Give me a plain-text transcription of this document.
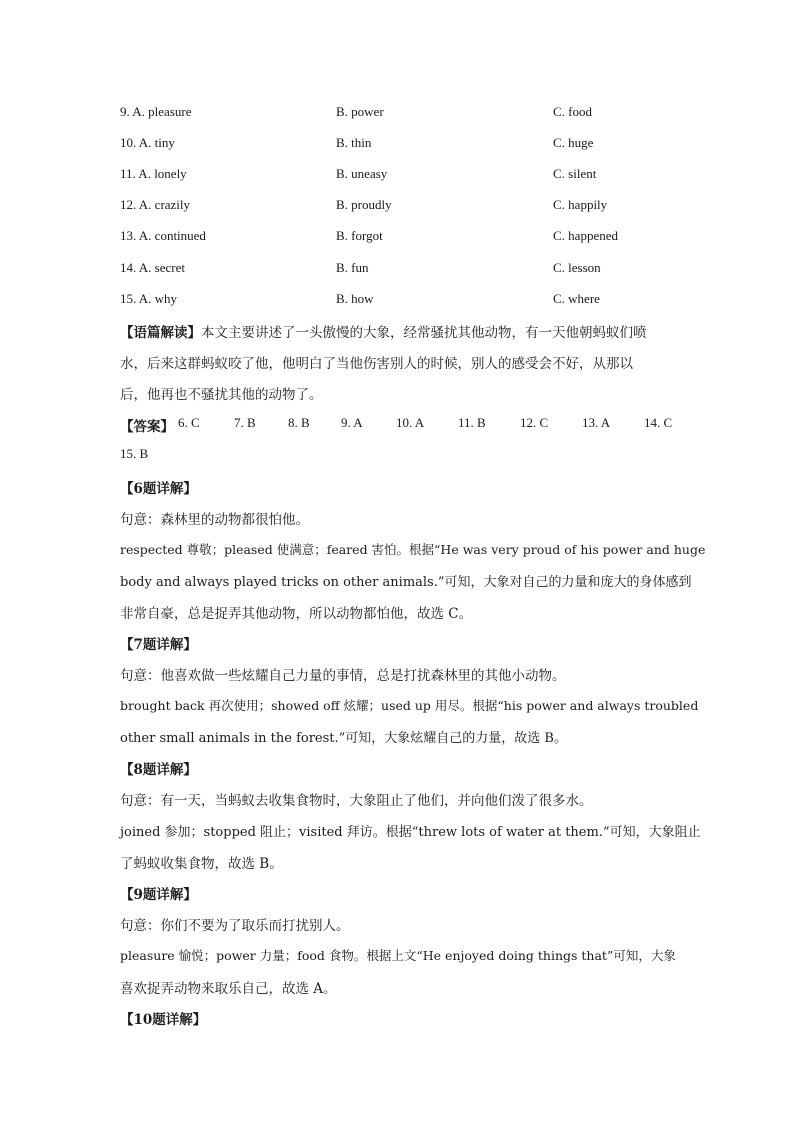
9. A. pleasure	B. power	C. food
10. A. tiny	B. thin	C. huge
11. A. lonely	B. uneasy	C. silent
12. A. crazily	B. proudly	C. happily
13. A. continued	B. forgot	C. happened
14. A. secret	B. fun	C. lesson
15. A. why	B. how	C. where
【语篇解读】本文主要讲述了一头傲慢的大象，经常骚扰其他动物，有一天他朝蚂蚁们喷
水，后来这群蚂蚁咬了他，他明白了当他伤害别人的时候，别人的感受会不好，从那以
后，他再也不骚扰其他的动物了。
【答案】 6. C	7. B 8. B 9. A	10. A	11. B	12. C	13. A	14. C
15. B
【6题详解】
句意：森林里的动物都很怕他。
respected 尊敬；pleased 使满意；feared 害怕。根据“He was very proud of his power and huge
body and always played tricks on other animals.”可知，大象对自己的力量和庞大的身体感到
非常自豪，总是捉弄其他动物，所以动物都怕他，故选 C。
【7题详解】
句意：他喜欢做一些炫耀自己力量的事情，总是打扰森林里的其他小动物。
brought back 再次使用；showed off 炫耀；used up 用尽。根据“his power and always troubled
other small animals in the forest.”可知，大象炫耀自己的力量，故选 B。
【8题详解】
句意：有一天，当蚂蚁去收集食物时，大象阻止了他们，并向他们泼了很多水。
joined 参加；stopped 阻止；visited 拜访。根据“threw lots of water at them.”可知，大象阻止
了蚂蚁收集食物，故选 B。
【9题详解】
句意：你们不要为了取乐而打扰别人。
pleasure 愉悦；power 力量；food 食物。根据上文“He enjoyed doing things that”可知，大象
喜欢捉弄动物来取乐自己，故选 A。
【10题详解】
